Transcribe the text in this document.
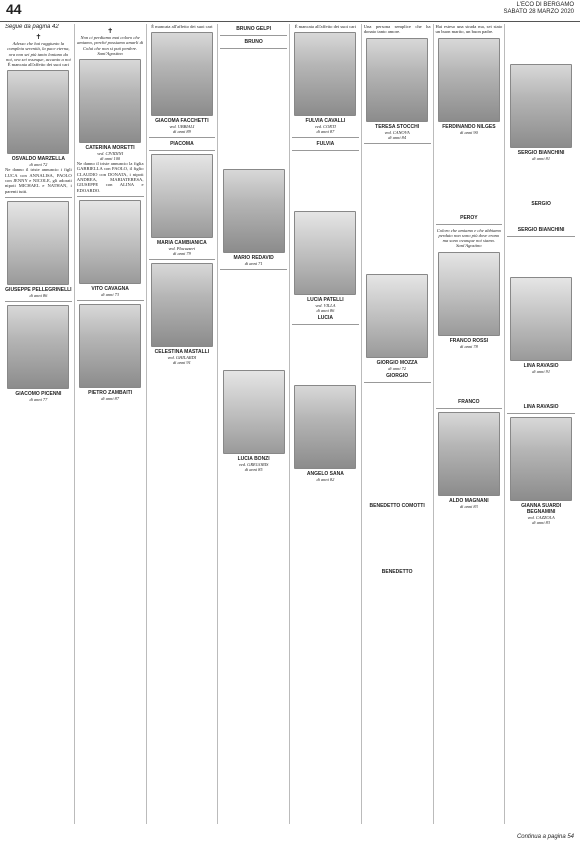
44	L'ECO DI BERGAMO
SABATO 28 MARZO 2020
Segue da pagina 42
✝
Adesso che hai raggiunto la completa serenità, la pace eterna, ora non sei più tanto lontano da noi, ora sei ovunque, accanto a noi
È mancata all'affetto dei suoi cari
OSVALDO MARZELLA
di anni 72
Ne danno il triste annuncio i figli LUCA con ANNALISA, PAOLO con JENNY e NICOLE, gli adorati nipoti MICHAEL e NATHAN, i parenti tutti.
GIUSEPPE PELLEGRINELLI
di anni 86
GIACOMO PICENNI
di anni 77
✝
Non ci perdiamo mai coloro che amiamo, perché possiamo amarli di Colui che non si può perdere.
Sant'Agostino
CATERINA MORETTI
ved. CIVIDINI
di anni 100
Ne danno il triste annuncio la figlia GABRIELLA con PAOLO, il figlio CLAUDIO con DONATA, i nipoti ANDREA, MARIATERESA, GIUSEPPE con ALINA e EDOARDO.
VITO CAVAGNA
di anni 73
PIETRO ZAMBAITI
di anni 87
È mancata all'affetto dei suoi cari
GIACOMA FACCHETTI
ved. UBBIALI
di anni 89
PIACOMA
MARIA CAMBIANICA
ved. Placuzzeri
di anni 79
CELESTINA MASTALLI
ved. GHILARDI
di anni 91
BRUNO GELPI
BRUNO
MARIO REDAVID
di anni 71
LUCIA BONZI
ved. GREGORIS
di anni 85
È mancata all'affetto dei suoi cari
FULVIA CAVALLI
ved. CORTI
di anni 87
FULVIA
LUCIA PATELLI
ved. VILLA
di anni 86
LUCIA
ANGELO SANA
di anni 82
Una persona semplice che ha donato tanto amore.
TERESA STOCCHI
ved. CANOVA
di anni 84
GIORGIO MOZZA
di anni 72
GIORGIO
BENEDETTO COMOTTI
BENEDETTO
Hai esteso una strada ma, sei stato un buon marito, un buon padre.
FERDINANDO NILGES
di anni 90
PEROY
Coloro che amiamo e che abbiamo perduto non sono più dove erano ma sono ovunque noi siamo.
Sant'Agostino
FRANCO ROSSI
di anni 78
FRANCO
ALDO MAGNANI
di anni 83
SERGIO BIANCHINI
di anni 81
SERGIO
SERGIO BIANCHINI
LINA RAVASIO
di anni 91
LINA RAVASIO
GIANNA SUARDI BEGNAMINI
ved. CAZZOLA
di anni 83
Continua a pagina 54
